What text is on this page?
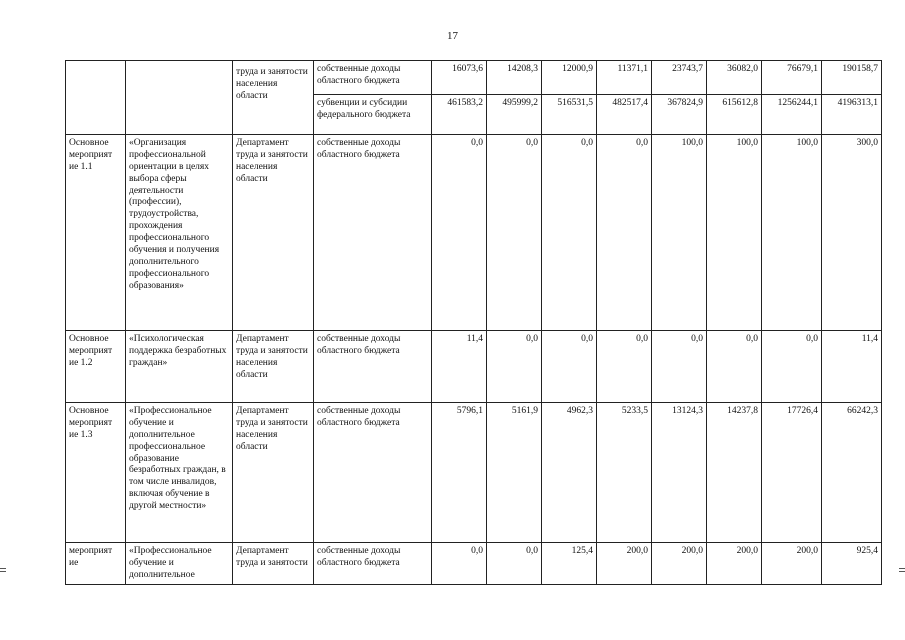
17
		труда и занятости населения области	собственные доходы областного бюджета	16073,6	14208,3	12000,9	11371,1	23743,7	36082,0	76679,1	190158,7
			субвенции и субсидии федерального бюджета	461583,2	495999,2	516531,5	482517,4	367824,9	615612,8	1256244,1	4196313,1
Основное мероприят ие 1.1	«Организация профессиональной ориентации в целях выбора сферы деятельности (профессии), трудоустройства, прохождения профессионального обучения и получения дополнительного профессионального образования»	Департамент труда и занятости населения области	собственные доходы областного бюджета	0,0	0,0	0,0	0,0	100,0	100,0	100,0	300,0
Основное мероприят ие 1.2	«Психологическая поддержка безработных граждан»	Департамент труда и занятости населения области	собственные доходы областного бюджета	11,4	0,0	0,0	0,0	0,0	0,0	0,0	11,4
Основное мероприят ие 1.3	«Профессиональное обучение и дополнительное профессиональное образование безработных граждан, в том числе инвалидов, включая обучение в другой местности»	Департамент труда и занятости населения области	собственные доходы областного бюджета	5796,1	5161,9	4962,3	5233,5	13124,3	14237,8	17726,4	66242,3
мероприят ие	«Профессиональное обучение и дополнительное	Департамент труда и занятости	собственные доходы областного бюджета	0,0	0,0	125,4	200,0	200,0	200,0	200,0	925,4
